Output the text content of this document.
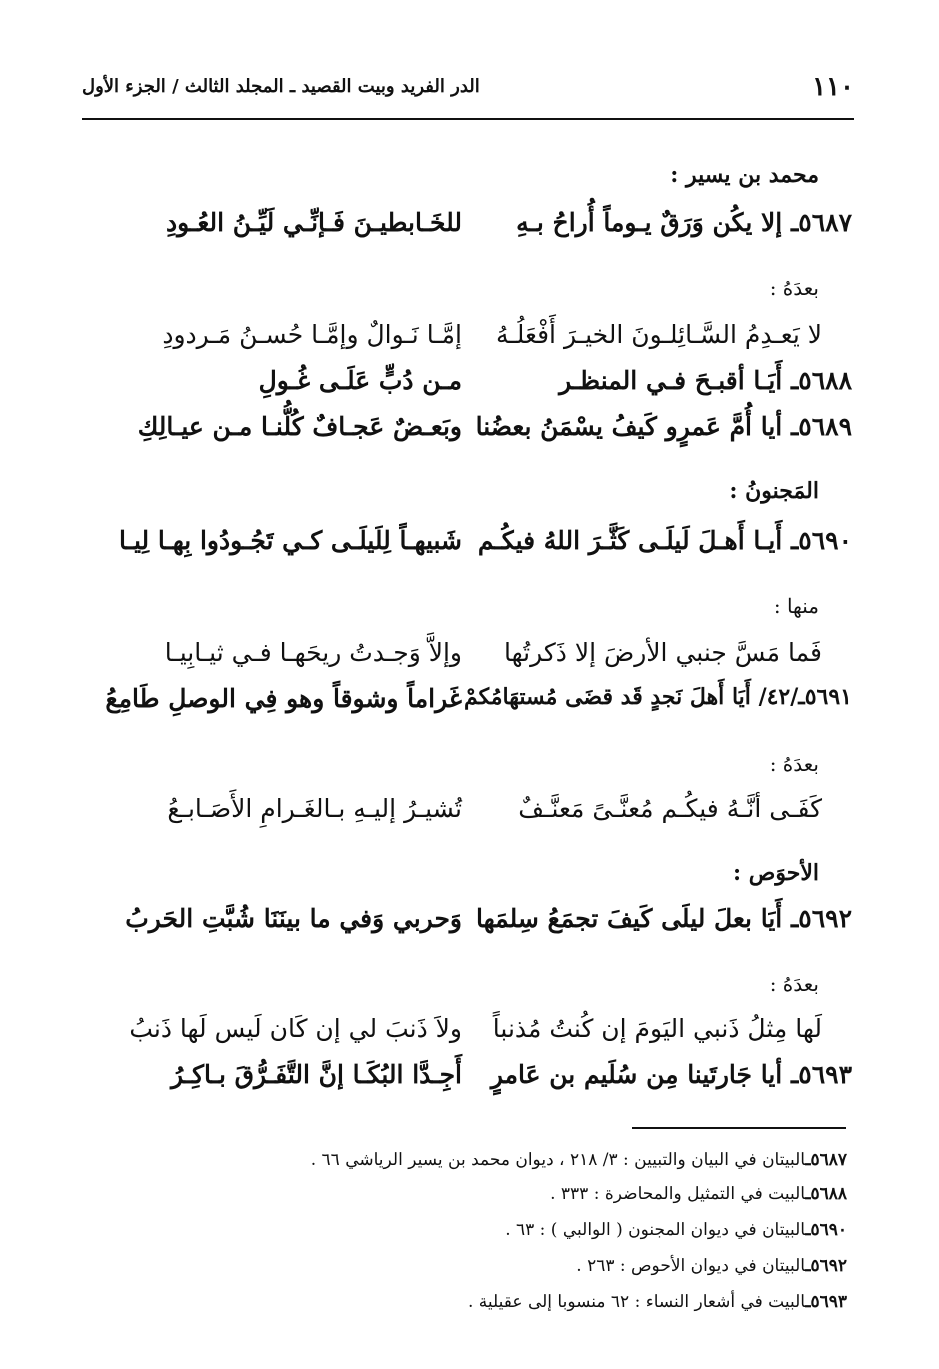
١١٠
الدر الفريد وبيت القصيد ـ المجلد الثالث / الجزء الأول
محمد بن يسير :
٥٦٨٧ـ إلا يكُن وَرَقٌ يـوماً أُراحُ بـهِ
للخَـابطيـنَ فَـإنِّـي لَيِّـنُ العُـودِ
بعدَهُ :
لا يَعـدِمُ السَّـائِلـونَ الخيـرَ أَفْعَلُـهُ
إمَّـا نَـوالٌ وإمَّـا حُسـنُ مَـردودِ
٥٦٨٨ـ أَيَـا أقبـحَ فـي المنظـر
مـن دُبٍّ عَلَـى غُـولِ
٥٦٨٩ـ أيا أُمَّ عَمرٍو كَيفُ يسْمَنُ بعضُنا
وبَعـضٌ عَجـافٌ كُلُّنـا مـن عيـالِكِ
المَجنونُ :
٥٦٩٠ـ أَيـا أَهـلَ لَيلَـى كَثَّـرَ اللهُ فيكُـم
شَبيهـاً لِلَيلَـى كـي تَجُـودُوا بِهـا لِيـا
منها :
فَما مَسَّ جنبي الأرضَ إلا ذَكرتُها
وإلاَّ وَجـدتُ ريحَهـا فـي ثيـابِيـا
٥٦٩١ـ/٤٢/ أَيَا أَهلَ نَجدٍ قَد قضَى مُستهَامُكمْ
غَراماً وشوقاً وهو فِي الوصلِ طَامِعُ
بعدَهُ :
كَفَـى أنَّـهُ فيكُـم مُعنَّـىً مَعنَّـفٌ
تُشيـرُ إليـهِ بـالغَـرامِ الأَصَـابـعُ
الأحوَص :
٥٦٩٢ـ أَيَا بعلَ ليلَى كَيفَ تجمَعُ سِلمَها
وَحربي وَفي ما بينَنَا شُبَّتِ الحَربُ
بعدَهُ :
لَها مِثلُ ذَنبي اليَومَ إن كُنتُ مُذنباً
ولاَ ذَنبَ لي إن كَان لَيس لَها ذَنبُ
٥٦٩٣ـ أيا جَارتَينا مِن سُلَيم بن عَامرٍ
أَجِـدَّا البُكَـا إنَّ التَّفَـرُّقَ بـاكِـرُ
٥٦٨٧ـالبيتان في البيان والتبيين : ٣/ ٢١٨ ، ديوان محمد بن يسير الرياشي ٦٦ .
٥٦٨٨ـالبيت في التمثيل والمحاضرة : ٣٣٣ .
٥٦٩٠ـالبيتان في ديوان المجنون ( الوالبي ) : ٦٣ .
٥٦٩٢ـالبيتان في ديوان الأحوص : ٢٦٣ .
٥٦٩٣ـالبيت في أشعار النساء : ٦٢ منسوبا إلى عقيلية .
